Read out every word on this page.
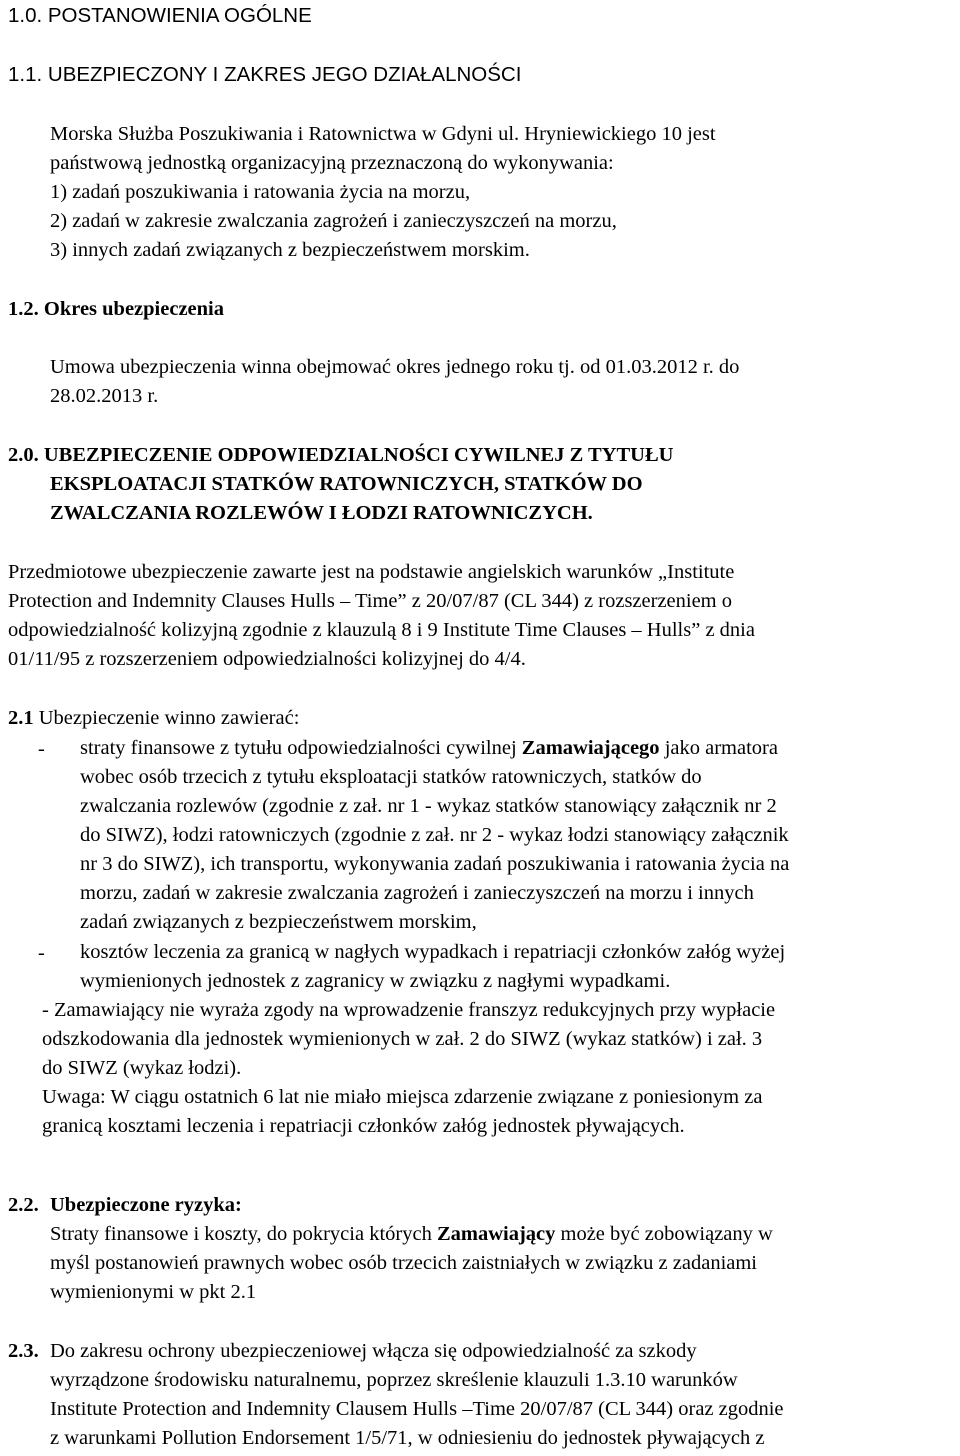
1.0. POSTANOWIENIA OGÓLNE
1.1. UBEZPIECZONY I ZAKRES JEGO DZIAŁALNOŚCI
Morska Służba Poszukiwania i Ratownictwa w Gdyni ul. Hryniewickiego 10 jest
państwową jednostką organizacyjną przeznaczoną do wykonywania:
1) zadań poszukiwania i ratowania życia na morzu,
2) zadań w zakresie zwalczania zagrożeń i zanieczyszczeń na morzu,
3) innych zadań związanych z bezpieczeństwem morskim.
1.2. Okres ubezpieczenia
Umowa ubezpieczenia winna obejmować okres jednego roku tj. od 01.03.2012 r. do
28.02.2013 r.
2.0. UBEZPIECZENIE ODPOWIEDZIALNOŚCI CYWILNEJ Z TYTUŁU
EKSPLOATACJI STATKÓW RATOWNICZYCH, STATKÓW DO
ZWALCZANIA ROZLEWÓW I ŁODZI RATOWNICZYCH.
Przedmiotowe ubezpieczenie zawarte jest na podstawie angielskich warunków „Institute
Protection and Indemnity Clauses Hulls – Time” z 20/07/87 (CL 344) z rozszerzeniem o
odpowiedzialność kolizyjną zgodnie z klauzulą 8 i 9 Institute Time Clauses – Hulls” z dnia
01/11/95 z rozszerzeniem odpowiedzialności kolizyjnej do 4/4.
2.1 Ubezpieczenie winno zawierać:
- straty finansowe z tytułu odpowiedzialności cywilnej Zamawiającego jako armatora
wobec osób trzecich z tytułu eksploatacji statków ratowniczych, statków do
zwalczania rozlewów (zgodnie z zał. nr 1 - wykaz statków stanowiący załącznik nr 2
do SIWZ), łodzi ratowniczych (zgodnie z zał. nr 2 - wykaz łodzi stanowiący załącznik
nr 3 do SIWZ), ich transportu, wykonywania zadań poszukiwania i ratowania życia na
morzu, zadań w zakresie zwalczania zagrożeń i zanieczyszczeń na morzu i innych
zadań związanych z bezpieczeństwem morskim,
- kosztów leczenia za granicą w nagłych wypadkach i repatriacji członków załóg wyżej
wymienionych jednostek z zagranicy w związku z nagłymi wypadkami.
- Zamawiający nie wyraża zgody na wprowadzenie franszyz redukcyjnych przy wypłacie
odszkodowania dla jednostek wymienionych w zał. 2 do SIWZ (wykaz statków) i zał. 3
do SIWZ (wykaz łodzi).
Uwaga: W ciągu ostatnich 6 lat nie miało miejsca zdarzenie związane z poniesionym za
granicą kosztami leczenia i repatriacji członków załóg jednostek pływających.
2.2. Ubezpieczone ryzyka:
Straty finansowe i koszty, do pokrycia których Zamawiający może być zobowiązany w
myśl postanowień prawnych wobec osób trzecich zaistniałych w związku z zadaniami
wymienionymi w pkt 2.1
2.3. Do zakresu ochrony ubezpieczeniowej włącza się odpowiedzialność za szkody
wyrządzone środowisku naturalnemu, poprzez skreślenie klauzuli 1.3.10 warunków
Institute Protection and Indemnity Clausem Hulls –Time 20/07/87 (CL 344) oraz zgodnie
z warunkami Pollution Endorsement 1/5/71, w odniesieniu do jednostek pływających z
